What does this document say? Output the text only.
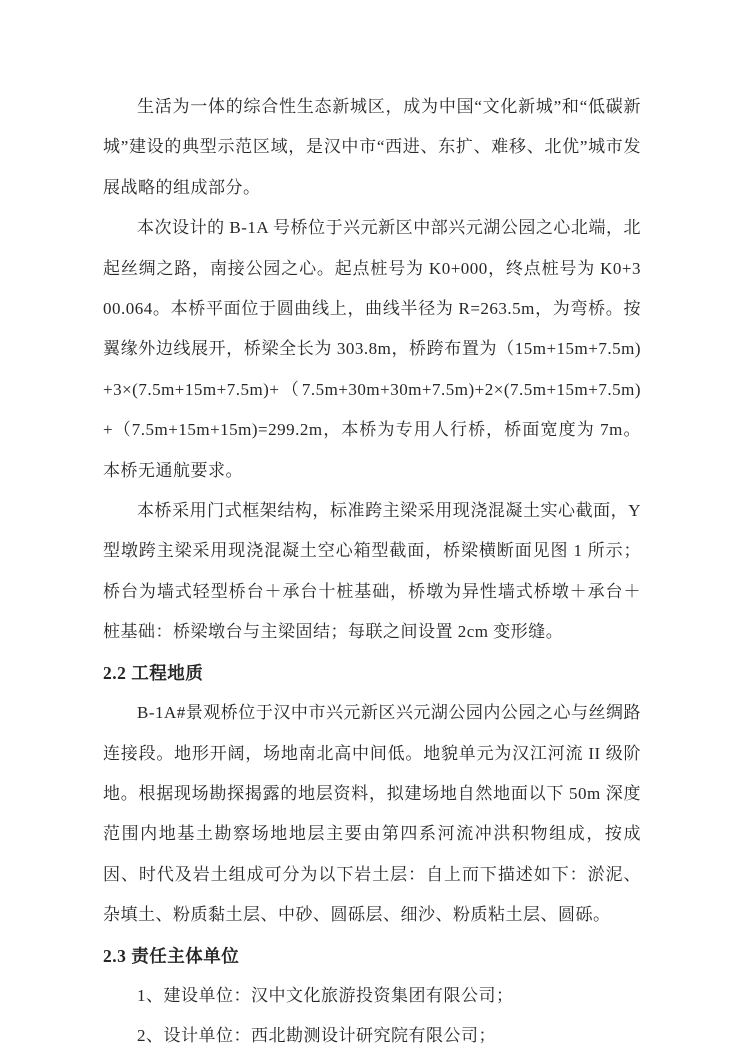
生活为一体的综合性生态新城区，成为中国“文化新城”和“低碳新城”建设的典型示范区域，是汉中市“西进、东扩、难移、北优”城市发展战略的组成部分。

本次设计的 B-1A 号桥位于兴元新区中部兴元湖公园之心北端，北起丝绸之路，南接公园之心。起点桩号为 K0+000，终点桩号为 K0+300.064。本桥平面位于圆曲线上，曲线半径为 R=263.5m，为弯桥。按翼缘外边线展开，桥梁全长为 303.8m，桥跨布置为（15m+15m+7.5m)+3×(7.5m+15m+7.5m)+（7.5m+30m+30m+7.5m)+2×(7.5m+15m+7.5m)+（7.5m+15m+15m)=299.2m，本桥为专用人行桥，桥面宽度为 7m。本桥无通航要求。

本桥采用门式框架结构，标准跨主梁采用现浇混凝土实心截面，Y 型墩跨主梁采用现浇混凝土空心箱型截面，桥梁横断面见图 1 所示；桥台为墙式轻型桥台＋承台十桩基础，桥墩为异性墙式桥墩＋承台＋桩基础：桥梁墩台与主梁固结；每联之间设置 2cm 变形缝。

2.2 工程地质

B-1A#景观桥位于汉中市兴元新区兴元湖公园内公园之心与丝绸路连接段。地形开阔，场地南北高中间低。地貌单元为汉江河流 II 级阶地。根据现场勘探揭露的地层资料，拟建场地自然地面以下 50m 深度范围内地基土勘察场地地层主要由第四系河流冲洪积物组成，按成因、时代及岩土组成可分为以下岩土层：自上而下描述如下：淤泥、杂填土、粉质黏土层、中砂、圆砾层、细沙、粉质粘土层、圆砾。

2.3 责任主体单位

1、建设单位：汉中文化旅游投资集团有限公司；

2、设计单位：西北勘测设计研究院有限公司；
